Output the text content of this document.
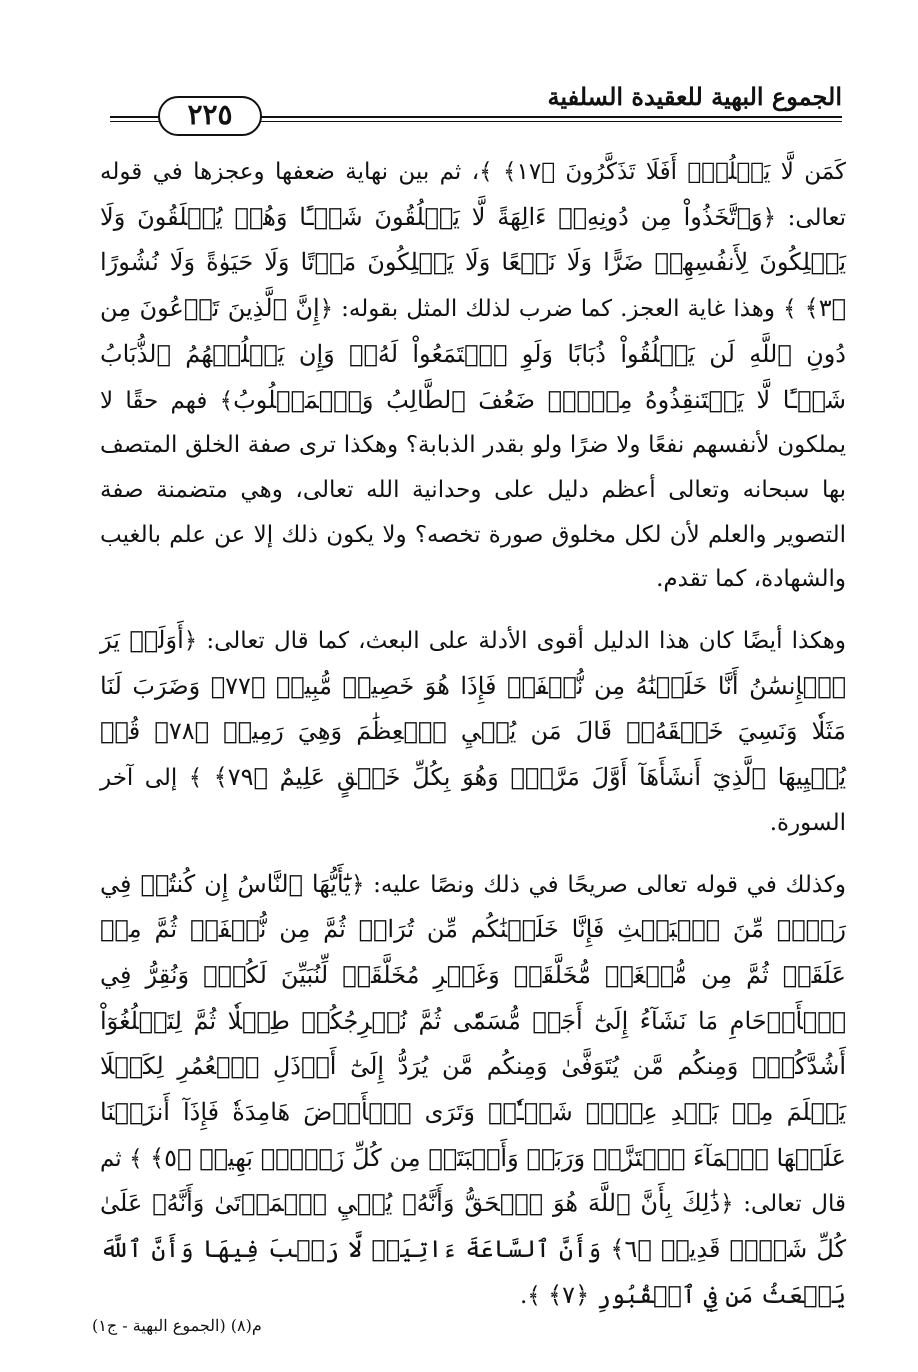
الجموع البهية للعقيدة السلفية
٢٢٥

كَمَن لَّا يَخۡلُقُۚ أَفَلَا تَذَكَّرُونَ ﴿١٧﴾ ﴾، ثم بين نهاية ضعفها وعجزها في قوله تعالى: ﴿وَٱتَّخَذُواْ مِن دُونِهِۦٓ ءَالِهَةً لَّا يَخۡلُقُونَ شَيۡـًٔا وَهُمۡ يُخۡلَقُونَ وَلَا يَمۡلِكُونَ لِأَنفُسِهِمۡ ضَرًّا وَلَا نَفۡعًا وَلَا يَمۡلِكُونَ مَوۡتًا وَلَا حَيَوٰةً وَلَا نُشُورًا ﴿٣﴾ ﴾ وهذا غاية العجز. كما ضرب لذلك المثل بقوله: ﴿إِنَّ ٱلَّذِينَ تَدۡعُونَ مِن دُونِ ٱللَّهِ لَن يَخۡلُقُواْ ذُبَابًا وَلَوِ ٱجۡتَمَعُواْ لَهُۥۖ وَإِن يَسۡلُبۡهُمُ ٱلذُّبَابُ شَيۡـًٔا لَّا يَسۡتَنقِذُوهُ مِنۡهُۚ ضَعُفَ ٱلطَّالِبُ وَٱلۡمَطۡلُوبُ﴾ فهم حقًا لا يملكون لأنفسهم نفعًا ولا ضرًا ولو بقدر الذبابة؟ وهكذا ترى صفة الخلق المتصف بها سبحانه وتعالى أعظم دليل على وحدانية الله تعالى، وهي متضمنة صفة التصوير والعلم لأن لكل مخلوق صورة تخصه؟ ولا يكون ذلك إلا عن علم بالغيب والشهادة، كما تقدم.

وهكذا أيضًا كان هذا الدليل أقوى الأدلة على البعث، كما قال تعالى: ﴿أَوَلَمۡ يَرَ ٱلۡإِنسَٰنُ أَنَّا خَلَقۡنَٰهُ مِن نُّطۡفَةٖ فَإِذَا هُوَ خَصِيمٞ مُّبِينٞ ﴿٧٧﴾ وَضَرَبَ لَنَا مَثَلٗا وَنَسِيَ خَلۡقَهُۥۖ قَالَ مَن يُحۡيِ ٱلۡعِظَٰمَ وَهِيَ رَمِيمٞ ﴿٧٨﴾ قُلۡ يُحۡيِيهَا ٱلَّذِيٓ أَنشَأَهَآ أَوَّلَ مَرَّةٖۖ وَهُوَ بِكُلِّ خَلۡقٍ عَلِيمٌ ﴿٧٩﴾ ﴾ إلى آخر السورة.

وكذلك في قوله تعالى صريحًا في ذلك ونصًا عليه: ﴿يَٰٓأَيُّهَا ٱلنَّاسُ إِن كُنتُمۡ فِي رَيۡبٖ مِّنَ ٱلۡبَعۡثِ فَإِنَّا خَلَقۡنَٰكُم مِّن تُرَابٖ ثُمَّ مِن نُّطۡفَةٖ ثُمَّ مِنۡ عَلَقَةٖ ثُمَّ مِن مُّضۡغَةٖ مُّخَلَّقَةٖ وَغَيۡرِ مُخَلَّقَةٖ لِّنُبَيِّنَ لَكُمۡۚ وَنُقِرُّ فِي ٱلۡأَرۡحَامِ مَا نَشَآءُ إِلَىٰٓ أَجَلٖ مُّسَمّٗى ثُمَّ نُخۡرِجُكُمۡ طِفۡلٗا ثُمَّ لِتَبۡلُغُوٓاْ أَشُدَّكُمۡۖ وَمِنكُم مَّن يُتَوَفَّىٰ وَمِنكُم مَّن يُرَدُّ إِلَىٰٓ أَرۡذَلِ ٱلۡعُمُرِ لِكَيۡلَا يَعۡلَمَ مِنۢ بَعۡدِ عِلۡمٖ شَيۡـٔٗاۚ وَتَرَى ٱلۡأَرۡضَ هَامِدَةٗ فَإِذَآ أَنزَلۡنَا عَلَيۡهَا ٱلۡمَآءَ ٱهۡتَزَّتۡ وَرَبَتۡ وَأَنۢبَتَتۡ مِن كُلِّ زَوۡجِۭ بَهِيجٖ ﴿٥﴾ ﴾ ثم قال تعالى: ﴿ذَٰلِكَ بِأَنَّ ٱللَّهَ هُوَ ٱلۡحَقُّ وَأَنَّهُۥ يُحۡيِ ٱلۡمَوۡتَىٰ وَأَنَّهُۥ عَلَىٰ كُلِّ شَيۡءٖ قَدِيرٞ ﴿٦﴾ وَأَنَّ ٱلسَّاعَةَ ءَاتِيَةٞ لَّا رَيۡبَ فِيهَا وَأَنَّ ٱللَّهَ يَبۡعَثُ مَن فِي ٱلۡقُبُورِ ﴿٧﴾ ﴾.

م(٨) (الجموع البهية - ج١)
